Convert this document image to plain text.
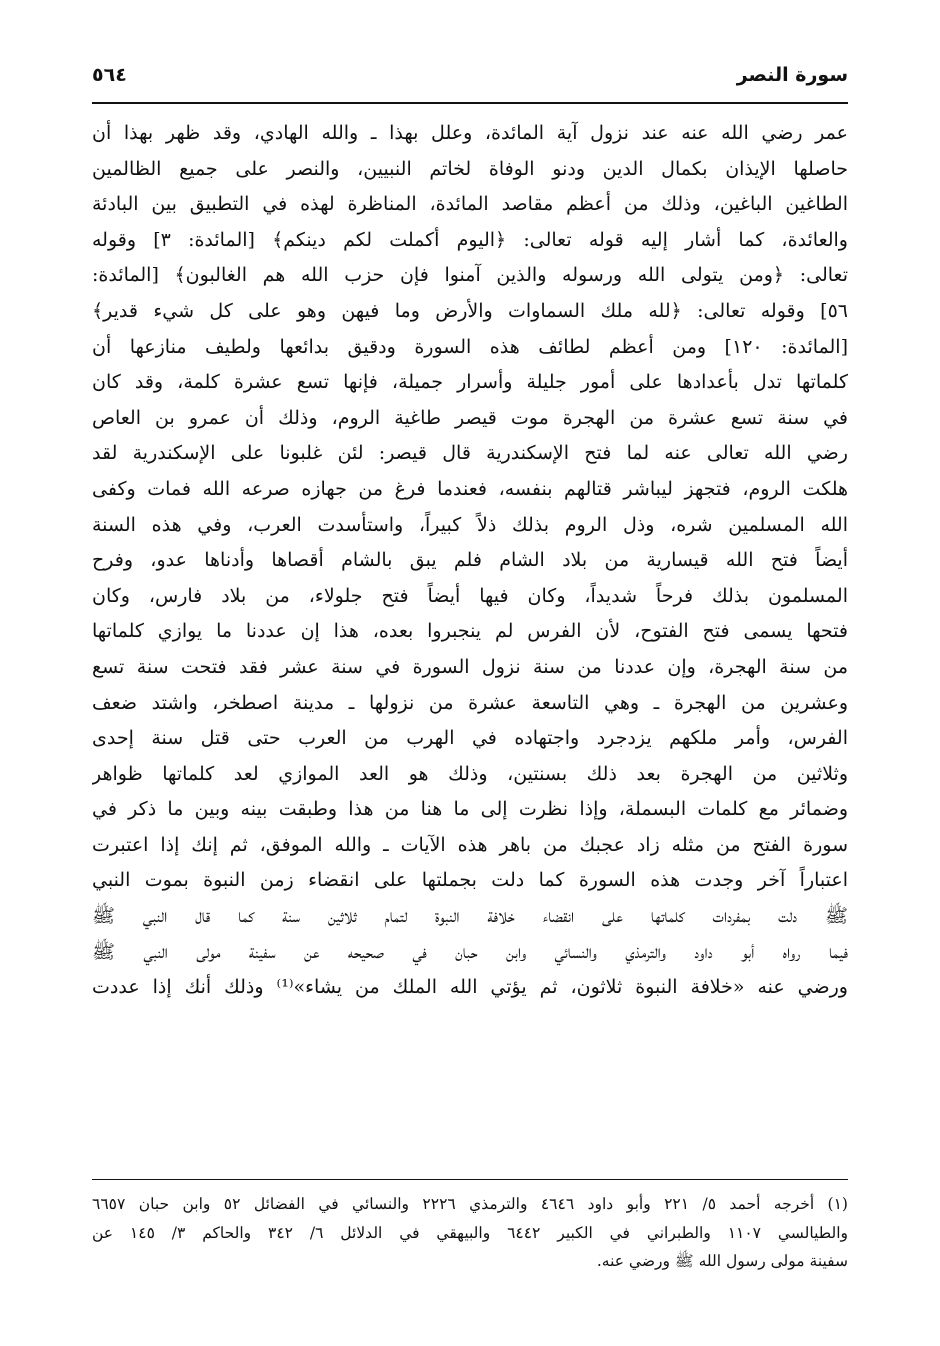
سورة النصر
٥٦٤
عمر رضي الله عنه عند نزول آية المائدة، وعلل بهذا ـ والله الهادي، وقد ظهر بهذا أن
حاصلها الإيذان بكمال الدين ودنو الوفاة لخاتم النبيين، والنصر على جميع الظالمين
الطاغين الباغين، وذلك من أعظم مقاصد المائدة، المناظرة لهذه في التطبيق بين البادئة
والعائدة، كما أشار إليه قوله تعالى: ﴿اليوم أكملت لكم دينكم﴾ [المائدة: ٣] وقوله
تعالى: ﴿ومن يتولى الله ورسوله والذين آمنوا فإن حزب الله هم الغالبون﴾ [المائدة:
٥٦] وقوله تعالى: ﴿لله ملك السماوات والأرض وما فيهن وهو على كل شيء قدير﴾
[المائدة: ١٢٠] ومن أعظم لطائف هذه السورة ودقيق بدائعها ولطيف منازعها أن
كلماتها تدل بأعدادها على أمور جليلة وأسرار جميلة، فإنها تسع عشرة كلمة، وقد كان
في سنة تسع عشرة من الهجرة موت قيصر طاغية الروم، وذلك أن عمرو بن العاص
رضي الله تعالى عنه لما فتح الإسكندرية قال قيصر: لئن غلبونا على الإسكندرية لقد
هلكت الروم، فتجهز ليباشر قتالهم بنفسه، فعندما فرغ من جهازه صرعه الله فمات وكفى
الله المسلمين شره، وذل الروم بذلك ذلاً كبيراً، واستأسدت العرب، وفي هذه السنة
أيضاً فتح الله قيسارية من بلاد الشام فلم يبق بالشام أقصاها وأدناها عدو، وفرح
المسلمون بذلك فرحاً شديداً، وكان فيها أيضاً فتح جلولاء، من بلاد فارس، وكان
فتحها يسمى فتح الفتوح، لأن الفرس لم ينجبروا بعده، هذا إن عددنا ما يوازي كلماتها
من سنة الهجرة، وإن عددنا من سنة نزول السورة في سنة عشر فقد فتحت سنة تسع
وعشرين من الهجرة ـ وهي التاسعة عشرة من نزولها ـ مدينة اصطخر، واشتد ضعف
الفرس، وأمر ملكهم يزدجرد واجتهاده في الهرب من العرب حتى قتل سنة إحدى
وثلاثين من الهجرة بعد ذلك بسنتين، وذلك هو العد الموازي لعد كلماتها ظواهر
وضمائر مع كلمات البسملة، وإذا نظرت إلى ما هنا من هذا وطبقت بينه وبين ما ذكر في
سورة الفتح من مثله زاد عجبك من باهر هذه الآيات ـ والله الموفق، ثم إنك إذا اعتبرت
اعتباراً آخر وجدت هذه السورة كما دلت بجملتها على انقضاء زمن النبوة بموت النبي
ﷺ دلت بمفردات كلماتها على انقضاء خلافة النبوة لتمام ثلاثين سنة كما قال النبي ﷺ
فيما رواه أبو داود والترمذي والنسائي وابن حبان في صحيحه عن سفينة مولى النبي ﷺ
ورضي عنه «خلافة النبوة ثلاثون، ثم يؤتي الله الملك من يشاء»⁽¹⁾ وذلك أنك إذا عددت
(١) أخرجه أحمد ٥/ ٢٢١ وأبو داود ٤٦٤٦ والترمذي ٢٢٢٦ والنسائي في الفضائل ٥٢ وابن حبان ٦٦٥٧
والطيالسي ١١٠٧ والطبراني في الكبير ٦٤٤٢ والبيهقي في الدلائل ٦/ ٣٤٢ والحاكم ٣/ ١٤٥ عن
سفينة مولى رسول الله ﷺ ورضي عنه.
